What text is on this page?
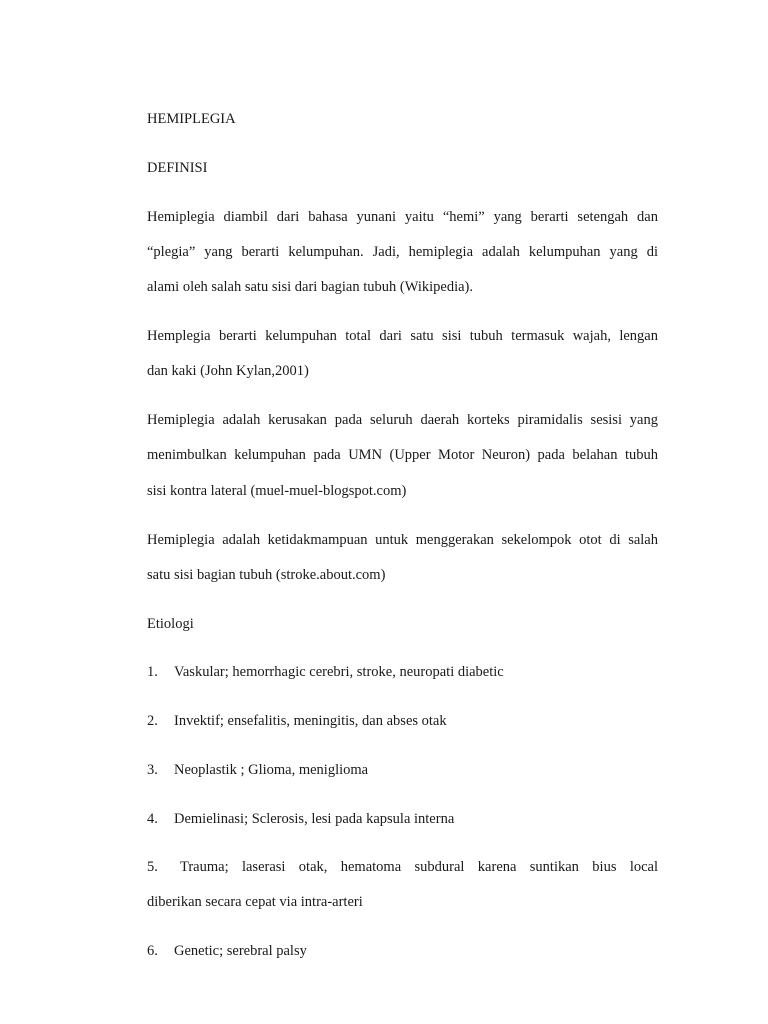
HEMIPLEGIA
DEFINISI
Hemiplegia diambil dari bahasa yunani yaitu “hemi” yang berarti setengah dan
“plegia” yang berarti kelumpuhan. Jadi, hemiplegia adalah kelumpuhan yang di
alami oleh salah satu sisi dari bagian tubuh (Wikipedia).
Hemplegia berarti kelumpuhan total dari satu sisi tubuh termasuk wajah, lengan
dan kaki (John Kylan,2001)
Hemiplegia adalah kerusakan pada seluruh daerah korteks piramidalis sesisi yang
menimbulkan kelumpuhan pada UMN (Upper Motor Neuron) pada belahan tubuh
sisi kontra lateral (muel-muel-blogspot.com)
Hemiplegia adalah ketidakmampuan untuk menggerakan sekelompok otot di salah
satu sisi bagian tubuh (stroke.about.com)
Etiologi
1. Vaskular; hemorrhagic cerebri, stroke, neuropati diabetic
2. Invektif; ensefalitis, meningitis, dan abses otak
3. Neoplastik ; Glioma, meniglioma
4. Demielinasi; Sclerosis, lesi pada kapsula interna
5. Trauma; laserasi otak, hematoma subdural karena suntikan bius local
diberikan secara cepat via intra-arteri
6. Genetic; serebral palsy
